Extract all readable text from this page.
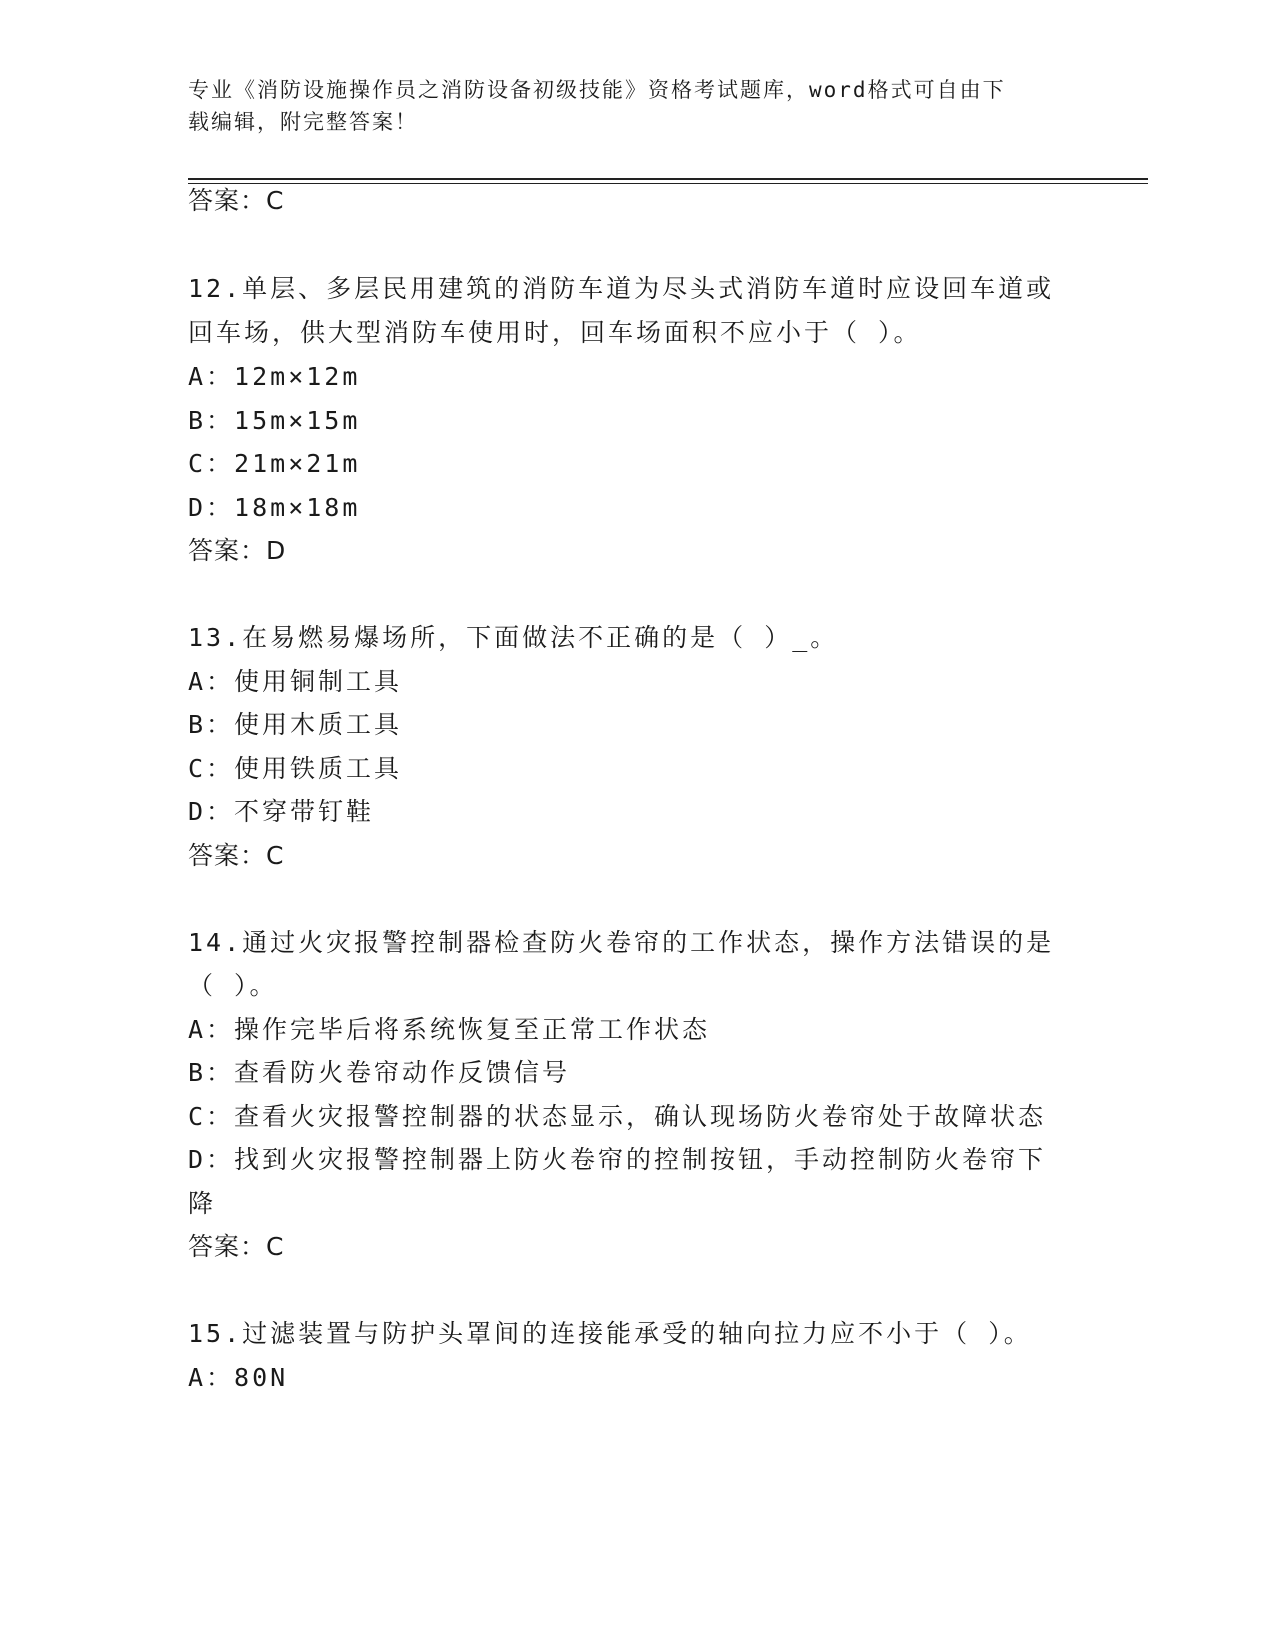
专业《消防设施操作员之消防设备初级技能》资格考试题库，word格式可自由下
载编辑，附完整答案！
答案：C
12.单层、多层民用建筑的消防车道为尽头式消防车道时应设回车道或
回车场，供大型消防车使用时，回车场面积不应小于（ ）。
A：12m×12m
B：15m×15m
C：21m×21m
D：18m×18m
答案：D
13.在易燃易爆场所，下面做法不正确的是（ ）_。
A：使用铜制工具
B：使用木质工具
C：使用铁质工具
D：不穿带钉鞋
答案：C
14.通过火灾报警控制器检查防火卷帘的工作状态，操作方法错误的是
（ ）。
A：操作完毕后将系统恢复至正常工作状态
B：查看防火卷帘动作反馈信号
C：查看火灾报警控制器的状态显示，确认现场防火卷帘处于故障状态
D：找到火灾报警控制器上防火卷帘的控制按钮，手动控制防火卷帘下
降
答案：C
15.过滤装置与防护头罩间的连接能承受的轴向拉力应不小于（ ）。
A：80N
